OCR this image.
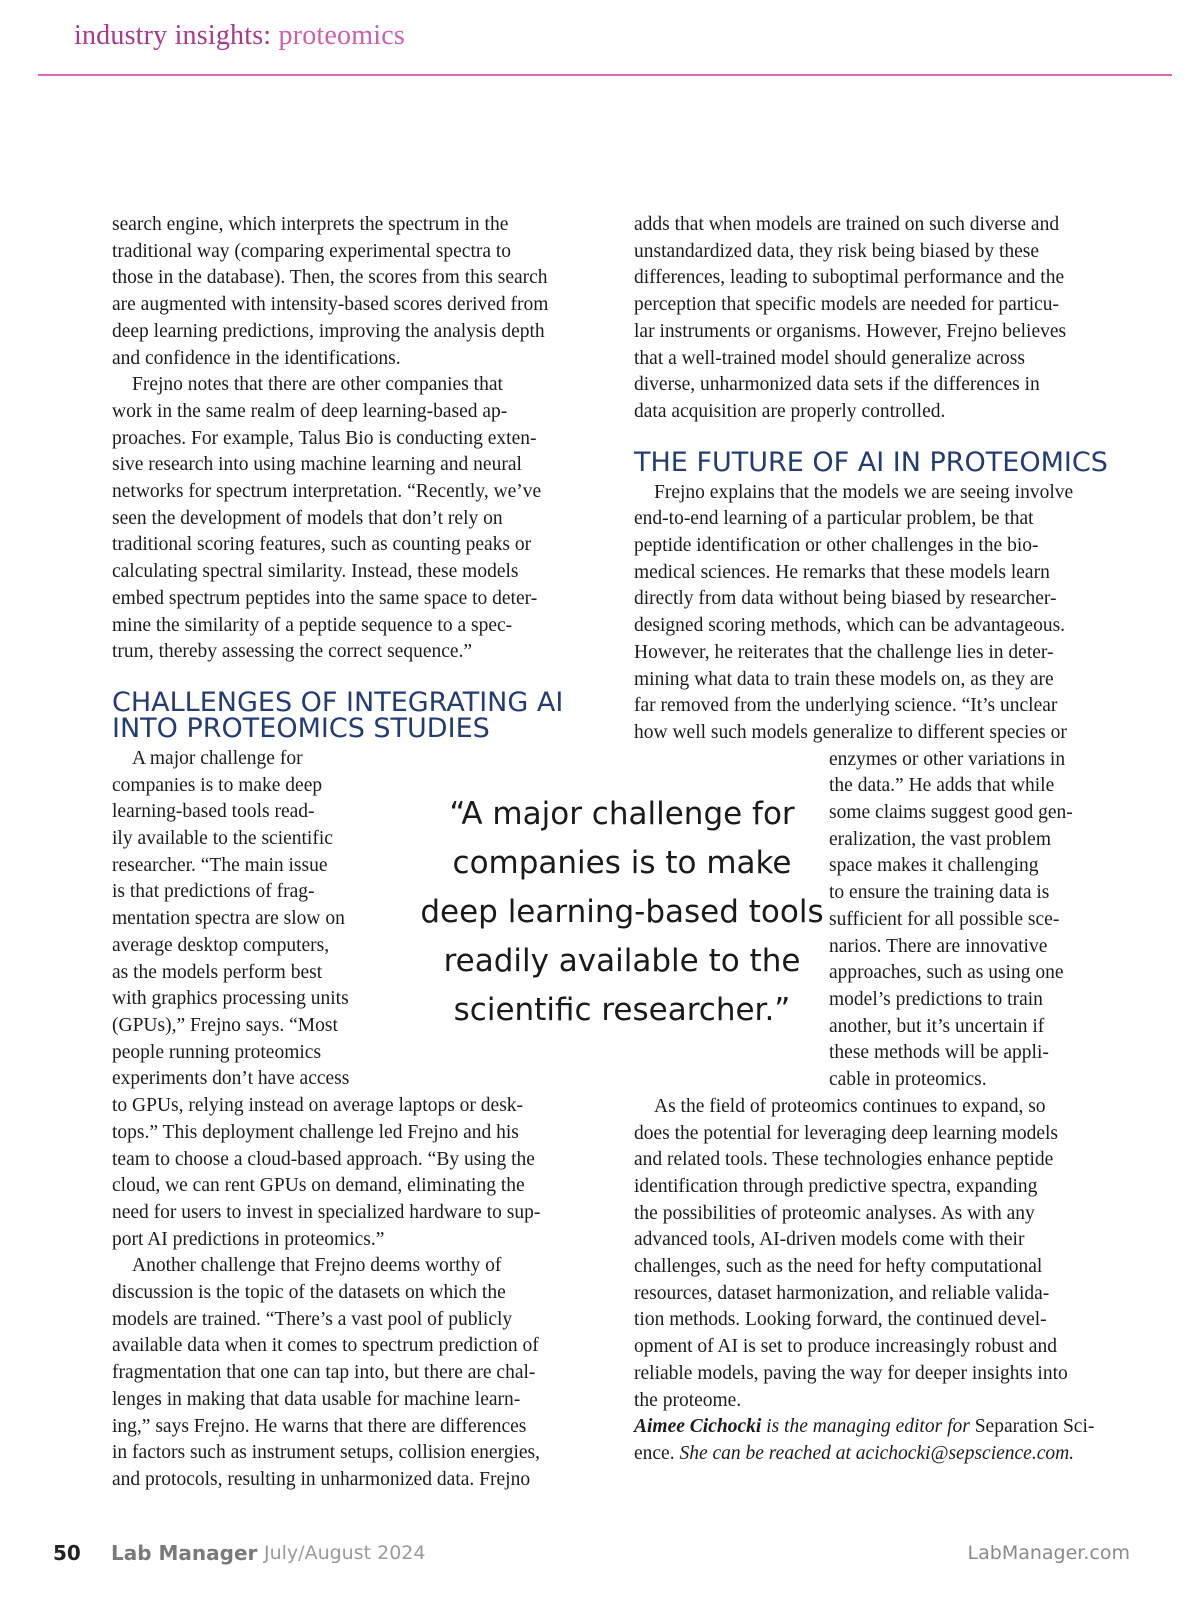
industry insights: proteomics

search engine, which interprets the spectrum in the
traditional way (comparing experimental spectra to
those in the database). Then, the scores from this search
are augmented with intensity-based scores derived from
deep learning predictions, improving the analysis depth
and confidence in the identifications.

Frejno notes that there are other companies that
work in the same realm of deep learning-based ap-
proaches. For example, Talus Bio is conducting exten-
sive research into using machine learning and neural
networks for spectrum interpretation. “Recently, we’ve
seen the development of models that don’t rely on
traditional scoring features, such as counting peaks or
calculating spectral similarity. Instead, these models
embed spectrum peptides into the same space to deter-
mine the similarity of a peptide sequence to a spec-
trum, thereby assessing the correct sequence.”

CHALLENGES OF INTEGRATING AI
INTO PROTEOMICS STUDIES

A major challenge for
companies is to make deep
learning-based tools read-
ily available to the scientific
researcher. “The main issue
is that predictions of frag-
mentation spectra are slow on
average desktop computers,
as the models perform best
with graphics processing units
(GPUs),” Frejno says. “Most
people running proteomics
experiments don’t have access
to GPUs, relying instead on average laptops or desk-
tops.” This deployment challenge led Frejno and his
team to choose a cloud-based approach. “By using the
cloud, we can rent GPUs on demand, eliminating the
need for users to invest in specialized hardware to sup-
port AI predictions in proteomics.”

Another challenge that Frejno deems worthy of
discussion is the topic of the datasets on which the
models are trained. “There’s a vast pool of publicly
available data when it comes to spectrum prediction of
fragmentation that one can tap into, but there are chal-
lenges in making that data usable for machine learn-
ing,” says Frejno. He warns that there are differences
in factors such as instrument setups, collision energies,
and protocols, resulting in unharmonized data. Frejno

“A major challenge for
companies is to make
deep learning-based tools
readily available to the
scientific researcher.”

adds that when models are trained on such diverse and
unstandardized data, they risk being biased by these
differences, leading to suboptimal performance and the
perception that specific models are needed for particu-
lar instruments or organisms. However, Frejno believes
that a well-trained model should generalize across
diverse, unharmonized data sets if the differences in
data acquisition are properly controlled.

THE FUTURE OF AI IN PROTEOMICS

Frejno explains that the models we are seeing involve
end-to-end learning of a particular problem, be that
peptide identification or other challenges in the bio-
medical sciences. He remarks that these models learn
directly from data without being biased by researcher-
designed scoring methods, which can be advantageous.
However, he reiterates that the challenge lies in deter-
mining what data to train these models on, as they are
far removed from the underlying science. “It’s unclear
how well such models generalize to different species or
enzymes or other variations in
the data.” He adds that while
some claims suggest good gen-
eralization, the vast problem
space makes it challenging
to ensure the training data is
sufficient for all possible sce-
narios. There are innovative
approaches, such as using one
model’s predictions to train
another, but it’s uncertain if
these methods will be appli-
cable in proteomics.

As the field of proteomics continues to expand, so
does the potential for leveraging deep learning models
and related tools. These technologies enhance peptide
identification through predictive spectra, expanding
the possibilities of proteomic analyses. As with any
advanced tools, AI-driven models come with their
challenges, such as the need for hefty computational
resources, dataset harmonization, and reliable valida-
tion methods. Looking forward, the continued devel-
opment of AI is set to produce increasingly robust and
reliable models, paving the way for deeper insights into
the proteome.

Aimee Cichocki is the managing editor for Separation Sci-
ence. She can be reached at acichocki@sepscience.com.

50 Lab Manager July/August 2024	LabManager.com
